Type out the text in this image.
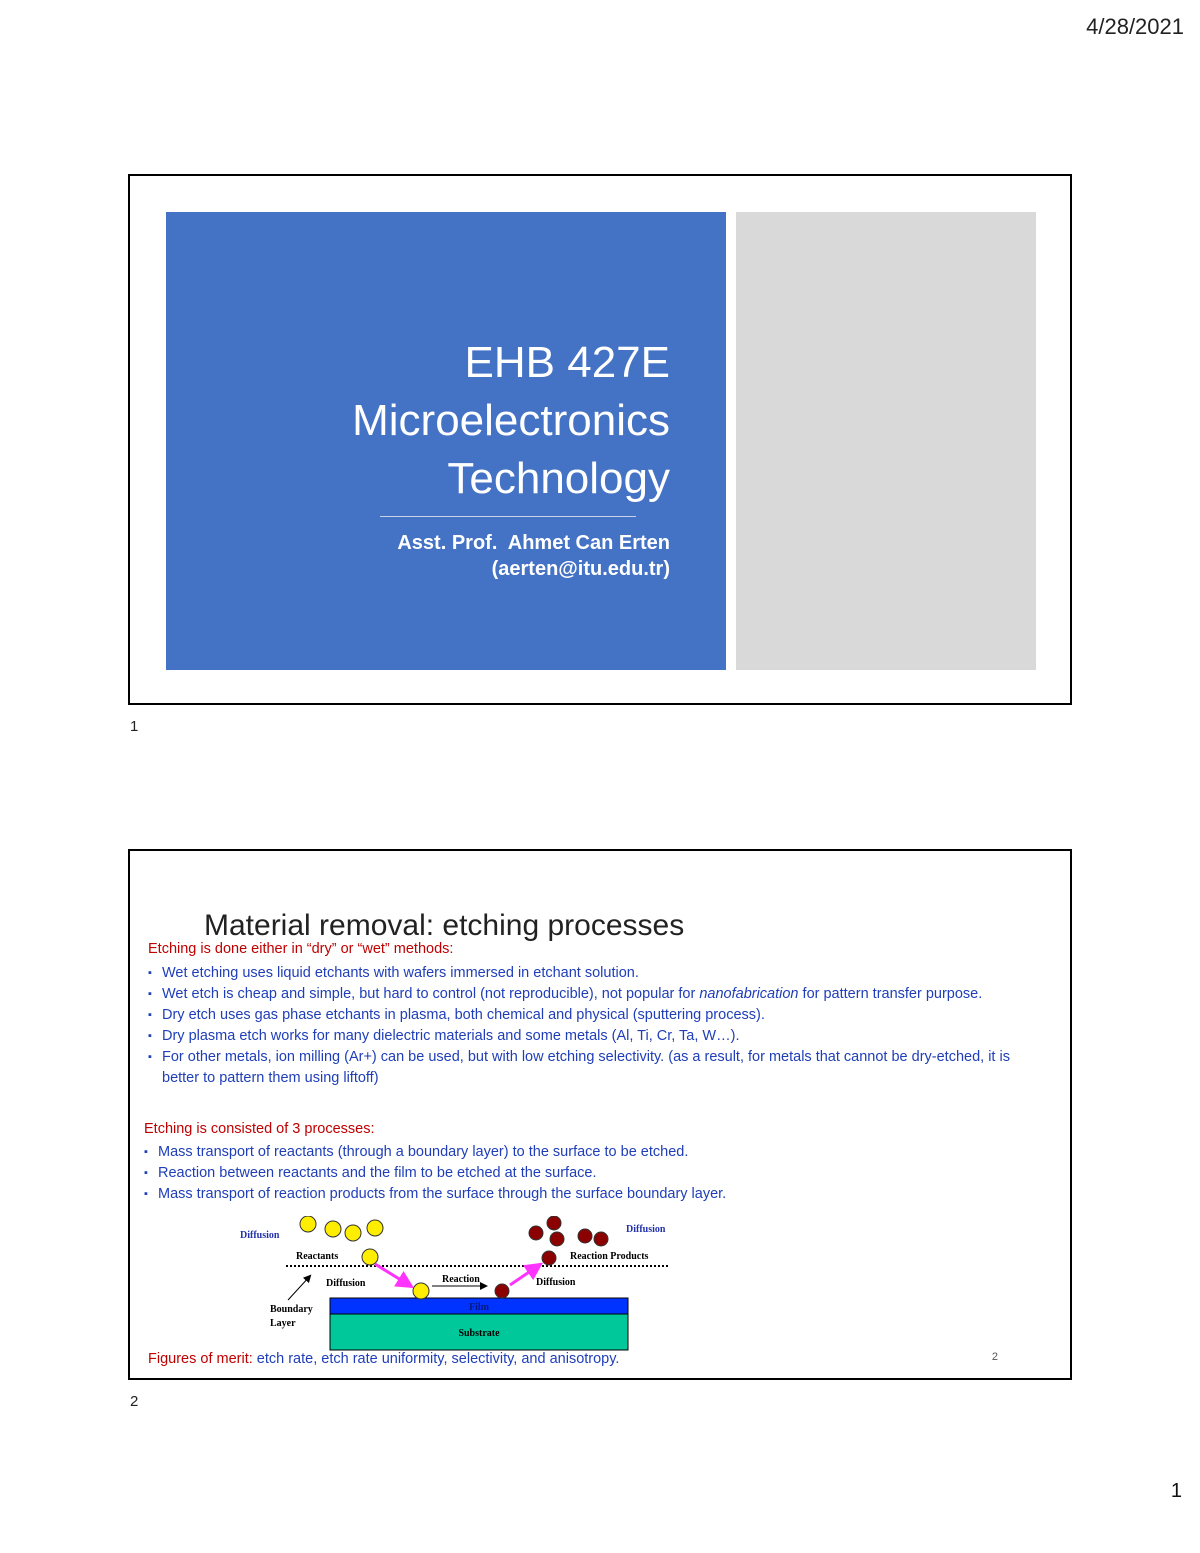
4/28/2021
EHB 427E
Microelectronics
Technology
Asst. Prof.  Ahmet Can Erten
(aerten@itu.edu.tr)
1
Material removal: etching processes
Etching is done either in “dry” or “wet” methods:
▪ Wet etching uses liquid etchants with wafers immersed in etchant solution.
▪ Wet etch is cheap and simple, but hard to control (not reproducible), not popular for nanofabrication for pattern transfer purpose.
▪ Dry etch uses gas phase etchants in plasma, both chemical and physical (sputtering process).
▪ Dry plasma etch works for many dielectric materials and some metals (Al, Ti, Cr, Ta, W…).
▪ For other metals, ion milling (Ar+) can be used, but with low etching selectivity. (as a result, for metals that cannot be dry-etched, it is better to pattern them using liftoff)
Etching is consisted of 3 processes:
▪ Mass transport of reactants (through a boundary layer) to the surface to be etched.
▪ Reaction between reactants and the film to be etched at the surface.
▪ Mass transport of reaction products from the surface through the surface boundary layer.
Film
Substrate
Diffusion
Reactants
Diffusion	Reaction	Diffusion
Diffusion
Reaction Products
Boundary
Layer
Figures of merit: etch rate, etch rate uniformity, selectivity, and anisotropy.	2
2
1
